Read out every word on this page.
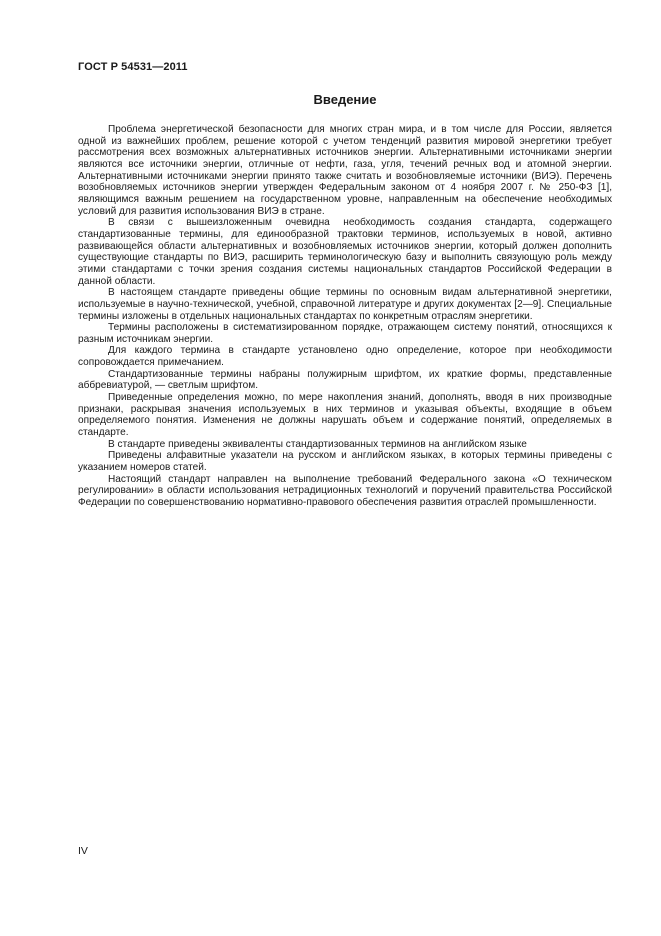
ГОСТ Р 54531—2011
Введение

Проблема энергетической безопасности для многих стран мира, и в том числе для России, является одной из важнейших проблем, решение которой с учетом тенденций развития мировой энергетики требует рассмотрения всех возможных альтернативных источников энергии. Альтернативными источниками энергии являются все источники энергии, отличные от нефти, газа, угля, течений речных вод и атомной энергии. Альтернативными источниками энергии принято также считать и возобновляемые источники (ВИЭ). Перечень возобновляемых источников энергии утвержден Федеральным законом от 4 ноября 2007 г. № 250-ФЗ [1], являющимся важным решением на государственном уровне, направленным на обеспечение необходимых условий для развития использования ВИЭ в стране.

В связи с вышеизложенным очевидна необходимость создания стандарта, содержащего стандартизованные термины, для единообразной трактовки терминов, используемых в новой, активно развивающейся области альтернативных и возобновляемых источников энергии, который должен дополнить существующие стандарты по ВИЭ, расширить терминологическую базу и выполнить связующую роль между этими стандартами с точки зрения создания системы национальных стандартов Российской Федерации в данной области.

В настоящем стандарте приведены общие термины по основным видам альтернативной энергетики, используемые в научно-технической, учебной, справочной литературе и других документах [2—9]. Специальные термины изложены в отдельных национальных стандартах по конкретным отраслям энергетики.

Термины расположены в систематизированном порядке, отражающем систему понятий, относящихся к разным источникам энергии.

Для каждого термина в стандарте установлено одно определение, которое при необходимости сопровождается примечанием.

Стандартизованные термины набраны полужирным шрифтом, их краткие формы, представленные аббревиатурой, — светлым шрифтом.

Приведенные определения можно, по мере накопления знаний, дополнять, вводя в них производные признаки, раскрывая значения используемых в них терминов и указывая объекты, входящие в объем определяемого понятия. Изменения не должны нарушать объем и содержание понятий, определяемых в стандарте.

В стандарте приведены эквиваленты стандартизованных терминов на английском языке

Приведены алфавитные указатели на русском и английском языках, в которых термины приведены с указанием номеров статей.

Настоящий стандарт направлен на выполнение требований Федерального закона «О техническом регулировании» в области использования нетрадиционных технологий и поручений правительства Российской Федерации по совершенствованию нормативно-правового обеспечения развития отраслей промышленности.

IV
